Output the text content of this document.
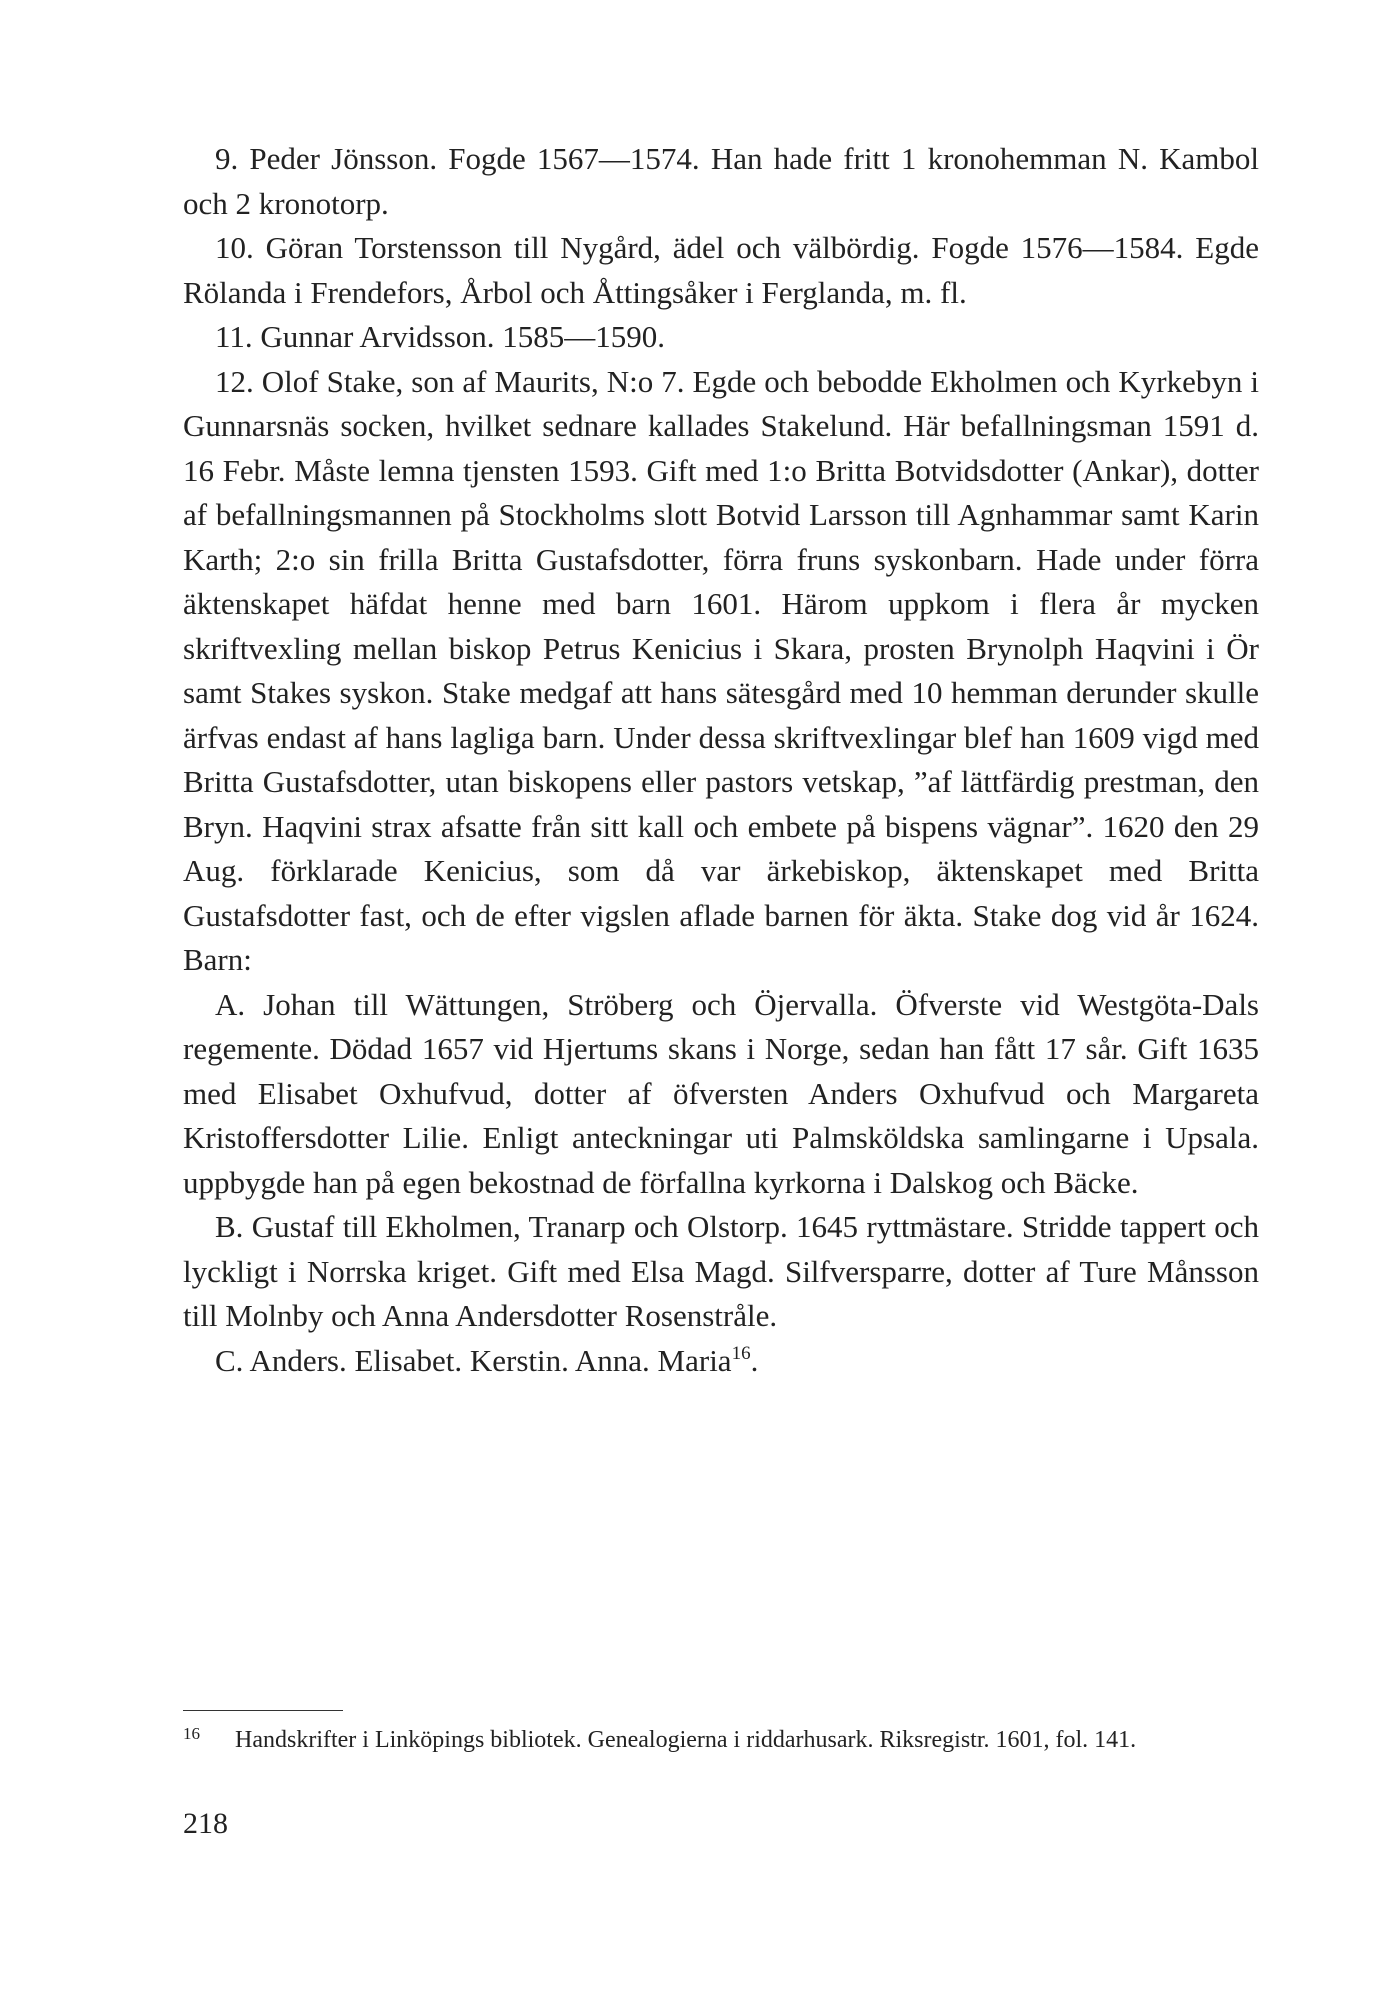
9. Peder Jönsson. Fogde 1567—1574. Han hade fritt 1 kronohemman N. Kambol och 2 kronotorp.

10. Göran Torstensson till Nygård, ädel och välbördig. Fogde 1576—1584. Egde Rölanda i Frendefors, Årbol och Åttingsåker i Ferglanda, m. fl.

11. Gunnar Arvidsson. 1585—1590.

12. Olof Stake, son af Maurits, N:o 7. Egde och bebodde Ekholmen och Kyrkebyn i Gunnarsnäs socken, hvilket sednare kallades Stakelund. Här befallningsman 1591 d. 16 Febr. Måste lemna tjensten 1593. Gift med 1:o Britta Botvidsdotter (Ankar), dotter af befallningsmannen på Stockholms slott Botvid Larsson till Agnhammar samt Karin Karth; 2:o sin frilla Britta Gustafsdotter, förra fruns syskonbarn. Hade under förra äktenskapet häfdat henne med barn 1601. Härom uppkom i flera år mycken skriftvexling mellan biskop Petrus Kenicius i Skara, prosten Brynolph Haqvini i Ör samt Stakes syskon. Stake medgaf att hans sätesgård med 10 hemman derunder skulle ärfvas endast af hans lagliga barn. Under dessa skriftvexlingar blef han 1609 vigd med Britta Gustafsdotter, utan biskopens eller pastors vetskap, ”af lättfärdig prestman, den Bryn. Haqvini strax afsatte från sitt kall och embete på bispens vägnar”. 1620 den 29 Aug. förklarade Kenicius, som då var ärkebiskop, äktenskapet med Britta Gustafsdotter fast, och de efter vigslen aflade barnen för äkta. Stake dog vid år 1624. Barn:

A. Johan till Wättungen, Ströberg och Öjervalla. Öfverste vid Westgöta-Dals regemente. Dödad 1657 vid Hjertums skans i Norge, sedan han fått 17 sår. Gift 1635 med Elisabet Oxhufvud, dotter af öfversten Anders Oxhufvud och Margareta Kristoffersdotter Lilie. Enligt anteckningar uti Palmsköldska samlingarne i Upsala. uppbygde han på egen bekostnad de förfallna kyrkorna i Dalskog och Bäcke.

B. Gustaf till Ekholmen, Tranarp och Olstorp. 1645 ryttmästare. Stridde tappert och lyckligt i Norrska kriget. Gift med Elsa Magd. Silfversparre, dotter af Ture Månsson till Molnby och Anna Andersdotter Rosenstråle.

C. Anders. Elisabet. Kerstin. Anna. Maria$^{16}$.

16	Handskrifter i Linköpings bibliotek. Genealogierna i riddarhusark. Riksregistr. 1601, fol. 141.
218
